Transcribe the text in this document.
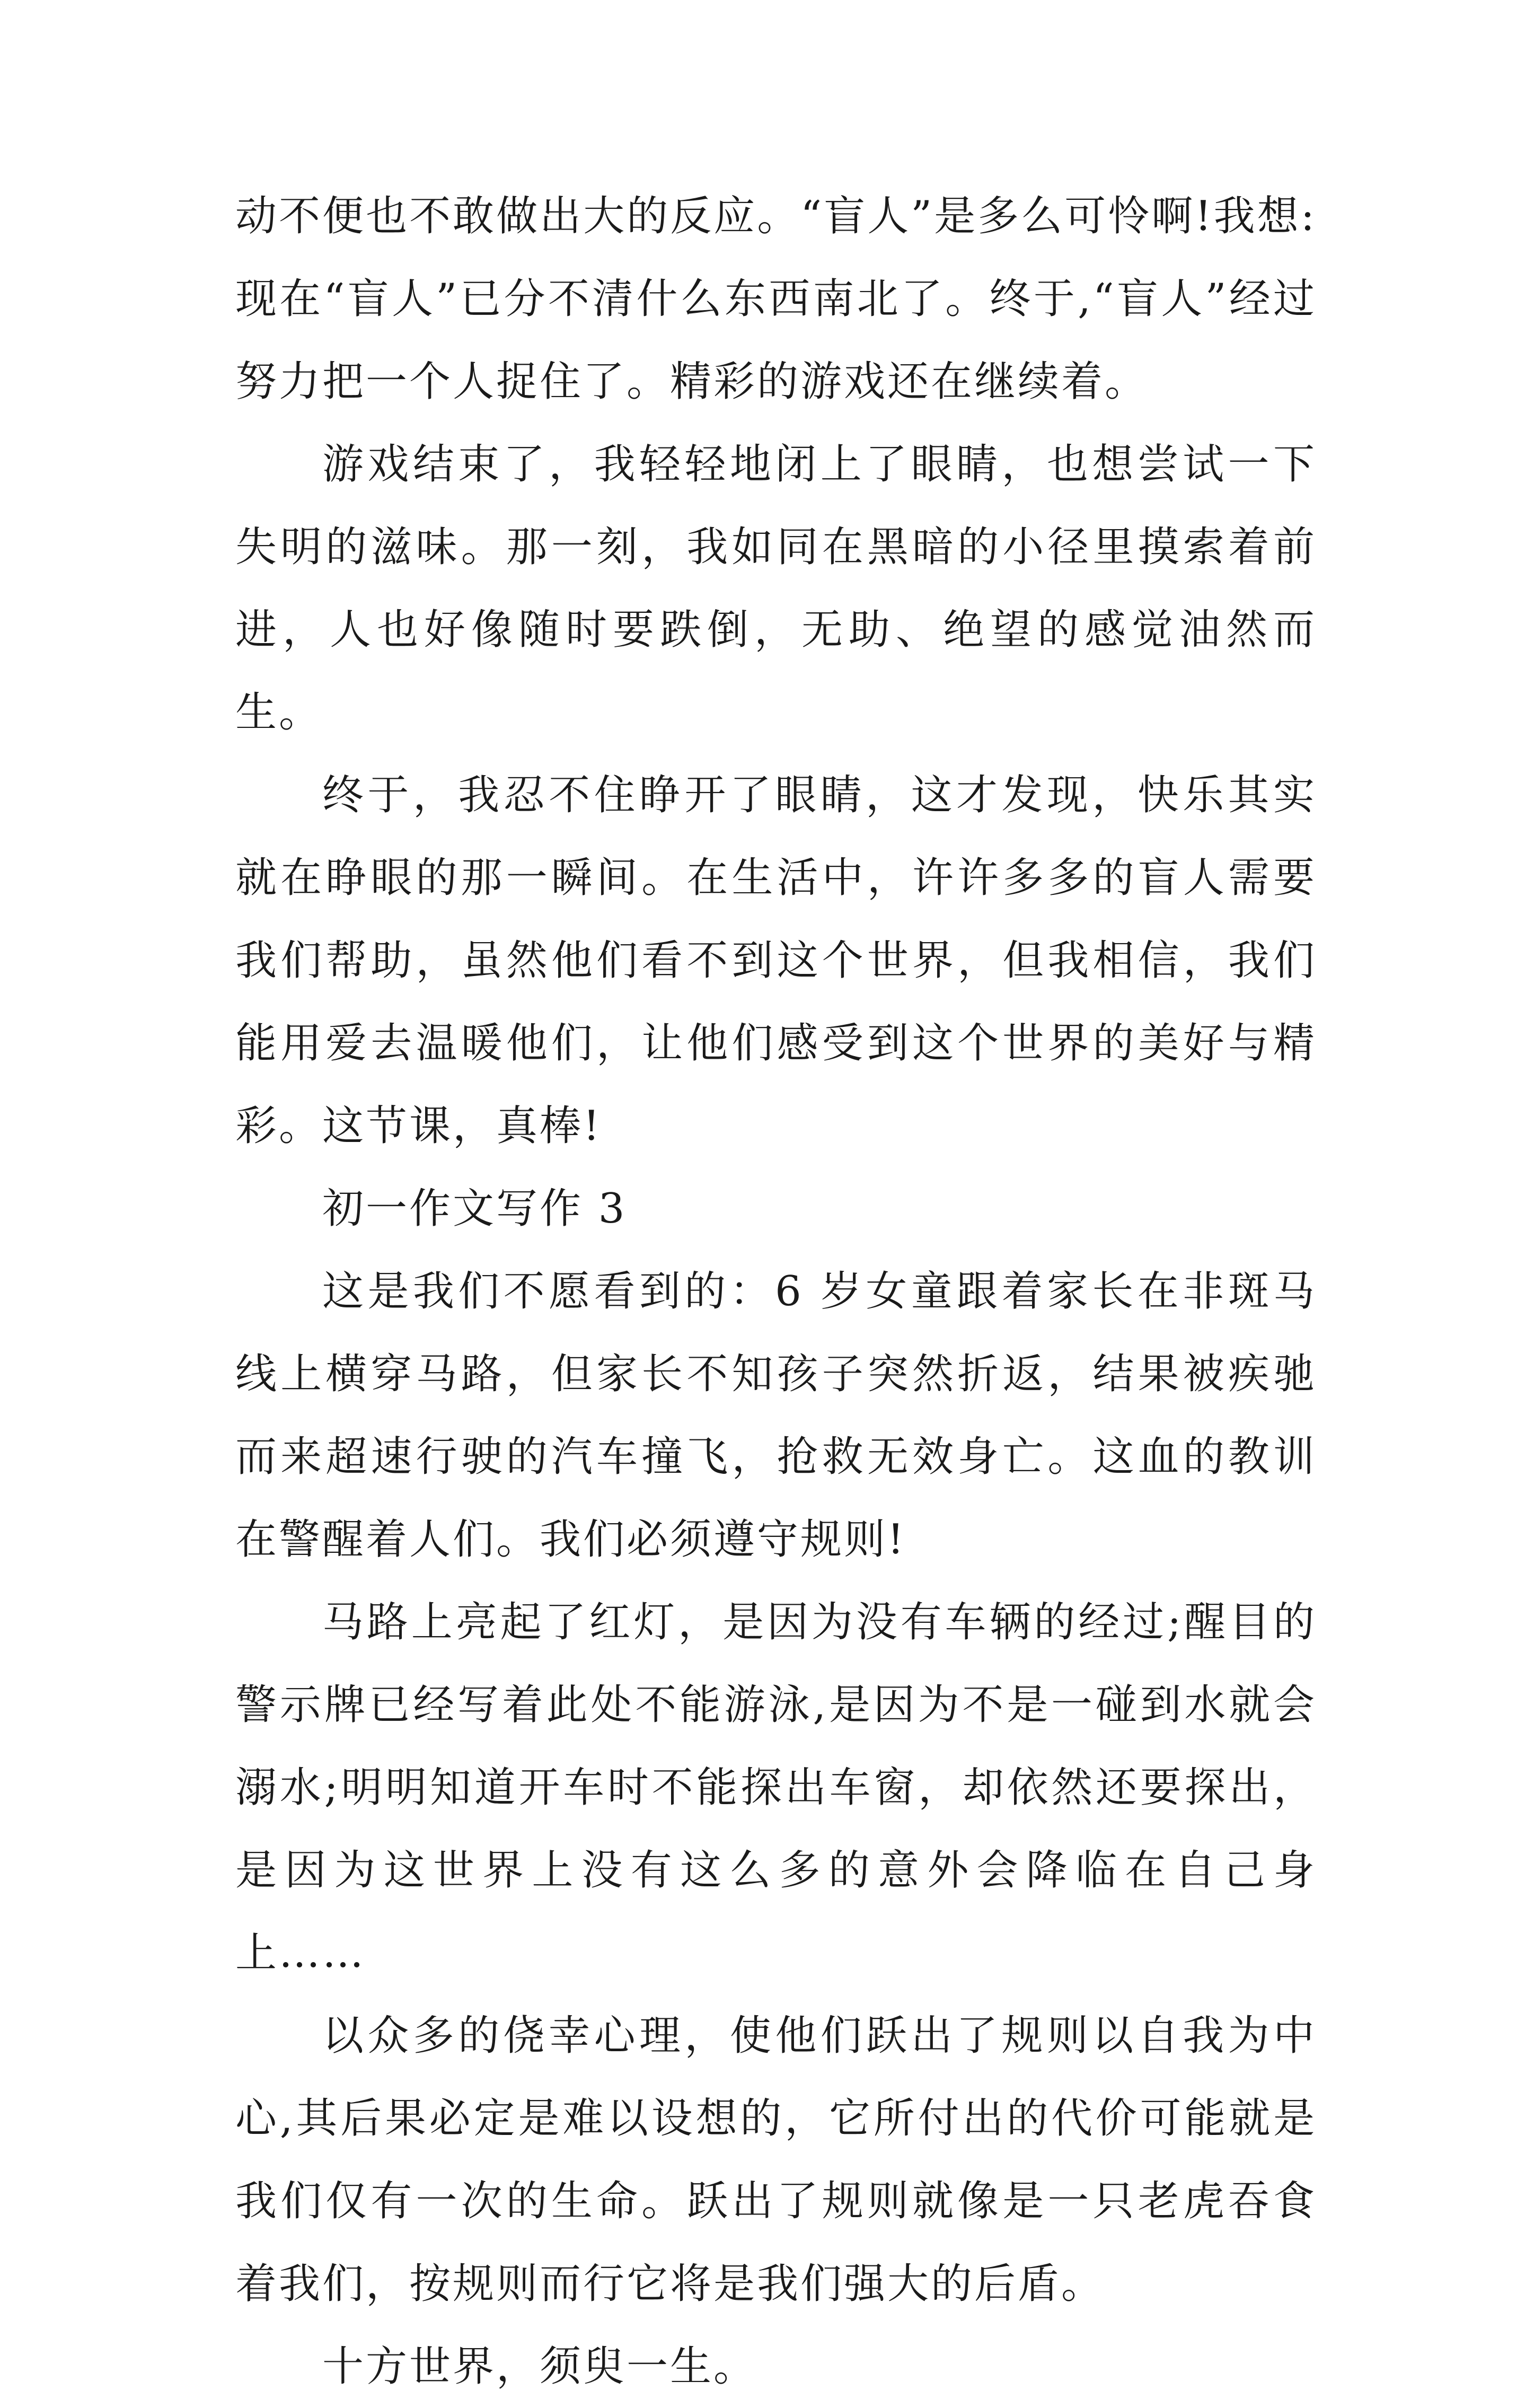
动不便也不敢做出大的反应。“盲人”是多么可怜啊!我想:现在“盲人”已分不清什么东西南北了。终于,“盲人”经过努力把一个人捉住了。精彩的游戏还在继续着。

游戏结束了，我轻轻地闭上了眼睛，也想尝试一下失明的滋味。那一刻，我如同在黑暗的小径里摸索着前进，人也好像随时要跌倒，无助、绝望的感觉油然而生。

终于，我忍不住睁开了眼睛，这才发现，快乐其实就在睁眼的那一瞬间。在生活中，许许多多的盲人需要我们帮助，虽然他们看不到这个世界，但我相信，我们能用爱去温暖他们，让他们感受到这个世界的美好与精彩。这节课，真棒!

初一作文写作 3

这是我们不愿看到的：6 岁女童跟着家长在非斑马线上横穿马路，但家长不知孩子突然折返，结果被疾驰而来超速行驶的汽车撞飞，抢救无效身亡。这血的教训在警醒着人们。我们必须遵守规则!

马路上亮起了红灯，是因为没有车辆的经过;醒目的警示牌已经写着此处不能游泳,是因为不是一碰到水就会溺水;明明知道开车时不能探出车窗，却依然还要探出，是因为这世界上没有这么多的意外会降临在自己身上……

以众多的侥幸心理，使他们跃出了规则以自我为中心,其后果必定是难以设想的，它所付出的代价可能就是我们仅有一次的生命。跃出了规则就像是一只老虎吞食着我们，按规则而行它将是我们强大的后盾。

十方世界，须臾一生。
